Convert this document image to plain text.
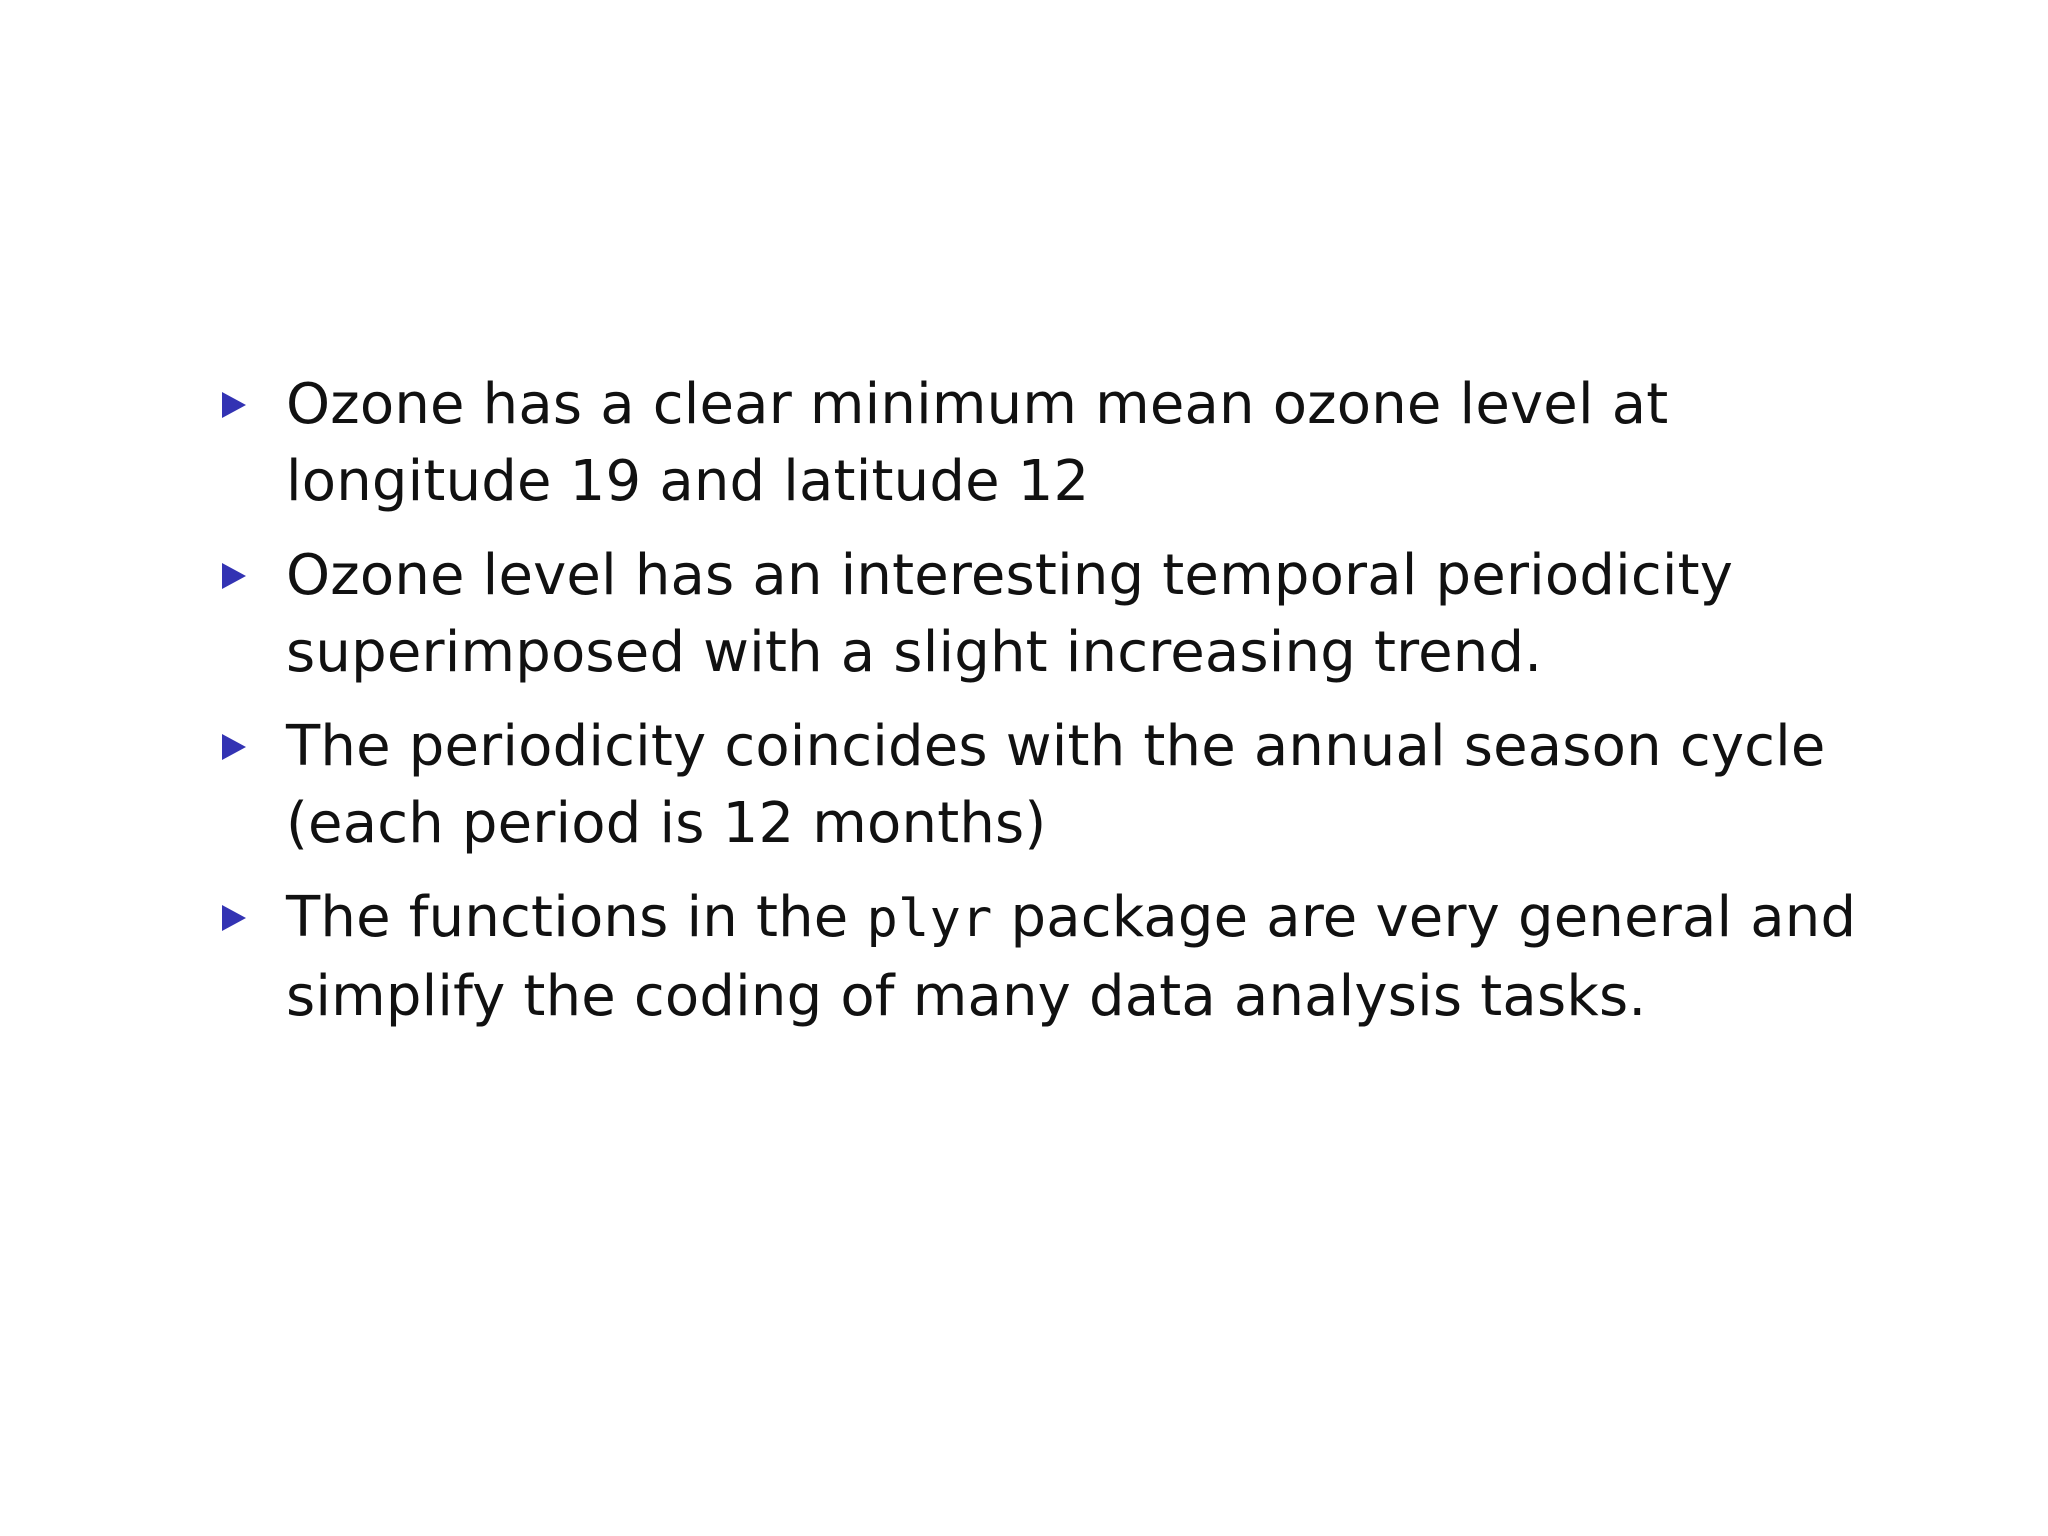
Ozone has a clear minimum mean ozone level at longitude 19 and latitude 12
Ozone level has an interesting temporal periodicity superimposed with a slight increasing trend.
The periodicity coincides with the annual season cycle (each period is 12 months)
The functions in the plyr package are very general and simplify the coding of many data analysis tasks.
